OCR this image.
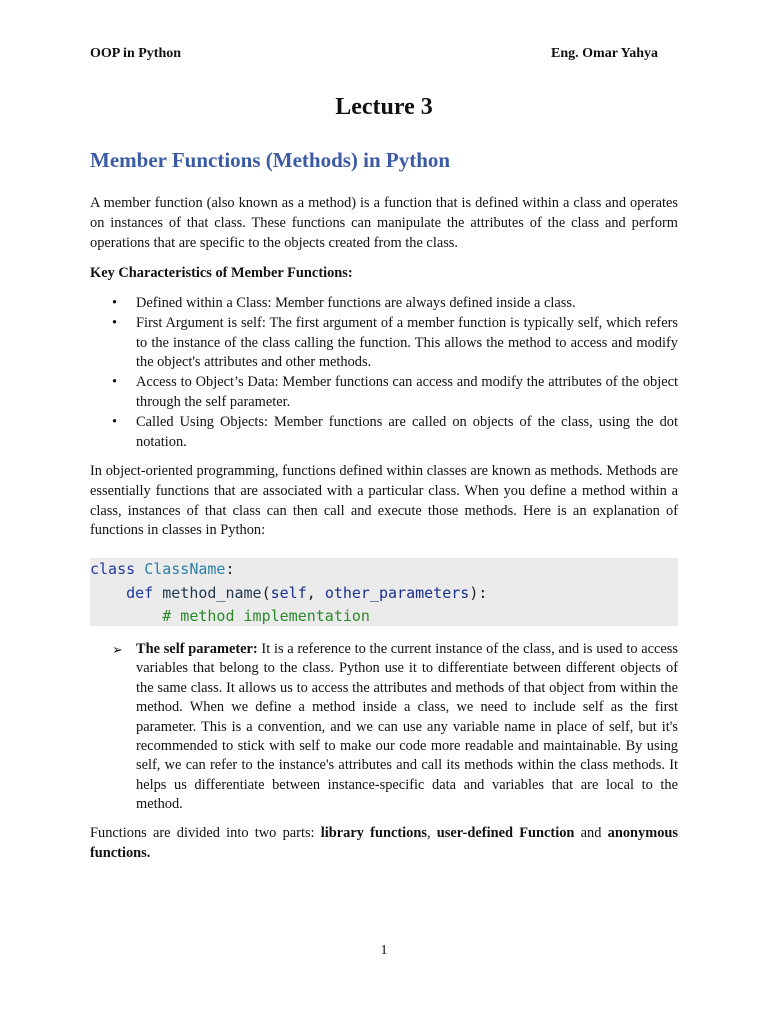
OOP in Python	Eng. Omar Yahya
Lecture 3
Member Functions (Methods) in Python
A member function (also known as a method) is a function that is defined within a class and operates on instances of that class. These functions can manipulate the attributes of the class and perform operations that are specific to the objects created from the class.
Key Characteristics of Member Functions:
• Defined within a Class: Member functions are always defined inside a class.
• First Argument is self: The first argument of a member function is typically self, which refers to the instance of the class calling the function. This allows the method to access and modify the object's attributes and other methods.
• Access to Object’s Data: Member functions can access and modify the attributes of the object through the self parameter.
• Called Using Objects: Member functions are called on objects of the class, using the dot notation.
In object-oriented programming, functions defined within classes are known as methods. Methods are essentially functions that are associated with a particular class. When you define a method within a class, instances of that class can then call and execute those methods. Here is an explanation of functions in classes in Python:
class ClassName:
def method_name(self, other_parameters):
# method implementation
➢ The self parameter: It is a reference to the current instance of the class, and is used to access variables that belong to the class. Python use it to differentiate between different objects of the same class. It allows us to access the attributes and methods of that object from within the method. When we define a method inside a class, we need to include self as the first parameter. This is a convention, and we can use any variable name in place of self, but it's recommended to stick with self to make our code more readable and maintainable. By using self, we can refer to the instance's attributes and call its methods within the class methods. It helps us differentiate between instance-specific data and variables that are local to the method.
Functions are divided into two parts: library functions, user-defined Function and anonymous functions.
1
